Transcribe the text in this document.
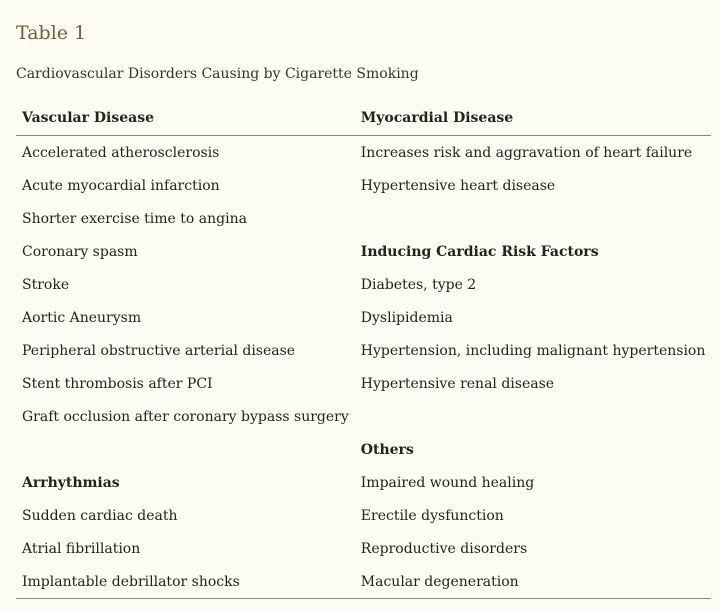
Table 1

Cardiovascular Disorders Causing by Cigarette Smoking

Vascular Disease	Myocardial Disease
Accelerated atherosclerosis	Increases risk and aggravation of heart failure
Acute myocardial infarction	Hypertensive heart disease
Shorter exercise time to angina	
Coronary spasm	Inducing Cardiac Risk Factors
Stroke	Diabetes, type 2
Aortic Aneurysm	Dyslipidemia
Peripheral obstructive arterial disease	Hypertension, including malignant hypertension
Stent thrombosis after PCI	Hypertensive renal disease
Graft occlusion after coronary bypass surgery	
	Others
Arrhythmias	Impaired wound healing
Sudden cardiac death	Erectile dysfunction
Atrial fibrillation	Reproductive disorders
Implantable debrillator shocks	Macular degeneration
